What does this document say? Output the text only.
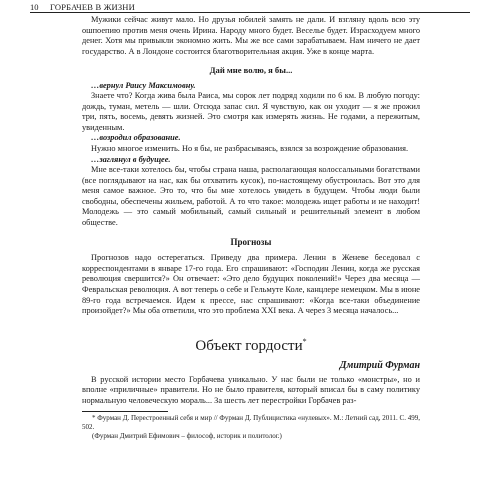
10 ГОРБАЧЕВ В ЖИЗНИ

Мужики сейчас живут мало. Но друзья юбилей замять не дали. И взгляну вдоль всю эту ошпоепию против меня очень Ирина. Народу много будет. Веселье будет. Израсходуем много денег. Хотя мы привыкли экономно жить. Мы же все сами зарабатываем. Нам ничего не дает государство. А в Лондоне состоится благотворительная акция. Уже в конце марта.

Дай мне волю, я бы...

…вернул Раису Максимовну.

Знаете что? Когда жива была Раиса, мы сорок лет подряд ходили по 6 км. В любую погоду: дождь, туман, метель — шли. Отсюда запас сил. Я чувствую, как он уходит — я же прожил три, пять, восемь, девять жизней. Это смотря как измерять жизнь. Не годами, а пережитым, увиденным.

…возродил образование.

Нужно многое изменить. Но я бы, не разбрасываясь, взялся за возрождение образования.

…заглянул в будущее.

Мне все-таки хотелось бы, чтобы страна наша, располагающая колоссальными богатствами (все поглядывают на нас, как бы отхватить кусок), по-настоящему обустроилась. Вот это для меня самое важное. Это то, что бы мне хотелось увидеть в будущем. Чтобы люди были свободны, обеспечены жильем, работой. А то что такое: молодежь ищет работы и не находит! Молодежь — это самый мобильный, самый сильный и решительный элемент в любом обществе.

Прогнозы

Прогнозов надо остерегаться. Приведу два примера. Ленин в Женеве беседовал с корреспондентами в январе 17-го года. Его спрашивают: «Господин Ленин, когда же русская революция свершится?» Он отвечает: «Это дело будущих поколений!» Через два месяца — Февральская революция. А вот теперь о себе и Гельмуте Коле, канцлере немецком. Мы в июне 89-го года встречаемся. Идем к прессе, нас спрашивают: «Когда все-таки объединение произойдет?» Мы оба ответили, что это проблема XXI века. А через 3 месяца началось...

Объект гордости*
Дмитрий Фурман

В русской истории место Горбачева уникально. У нас были не только «монстры», но и вполне «приличные» правители. Но не было правителя, который вписал бы в саму политику нормальную человеческую мораль... За шесть лет перестройки Горбачев раз-

* Фурман Д. Перестроенный себя и мир // Фурман Д. Публицистика «нулевых». М.: Летний сад, 2011. С. 499, 502.
(Фурман Дмитрий Ефимович – философ, историк и политолог.)
